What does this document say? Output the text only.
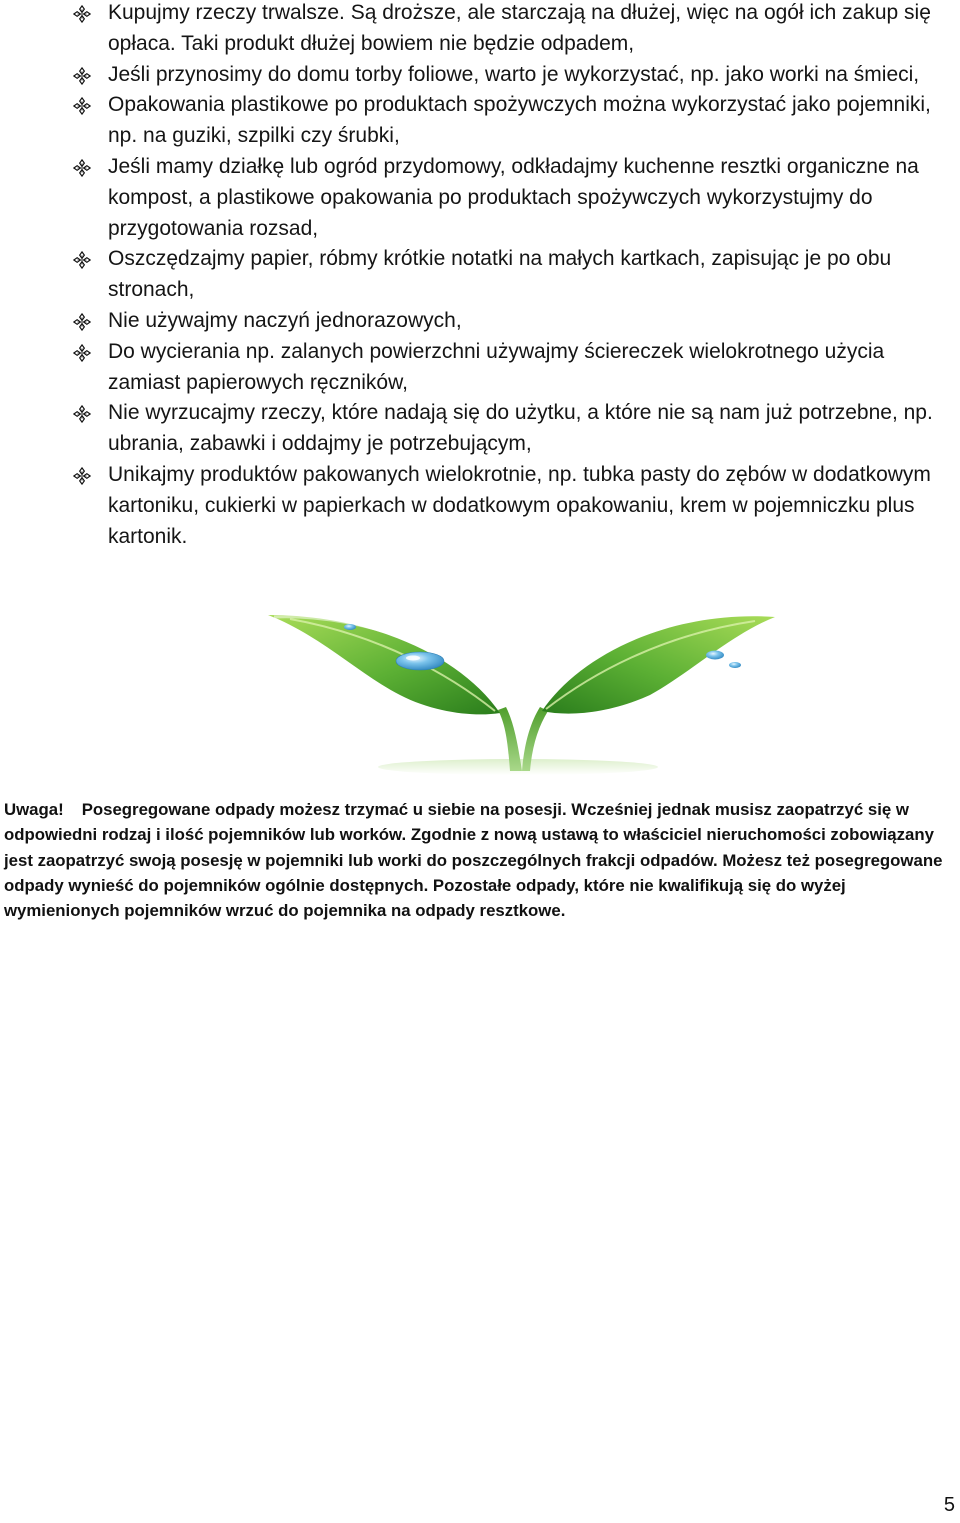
Kupujmy rzeczy trwalsze. Są droższe, ale starczają na dłużej, więc na ogół ich zakup się opłaca. Taki produkt dłużej bowiem nie będzie odpadem,
Jeśli przynosimy do domu torby foliowe, warto je wykorzystać, np. jako worki na śmieci,
Opakowania plastikowe po produktach spożywczych można wykorzystać jako pojemniki, np. na guziki, szpilki czy śrubki,
Jeśli mamy działkę lub ogród przydomowy, odkładajmy kuchenne resztki organiczne na kompost, a plastikowe opakowania po produktach spożywczych wykorzystujmy do przygotowania rozsad,
Oszczędzajmy papier, róbmy krótkie notatki na małych kartkach, zapisując je po obu stronach,
Nie używajmy naczyń jednorazowych,
Do wycierania np. zalanych powierzchni używajmy ściereczek wielokrotnego użycia zamiast papierowych ręczników,
Nie wyrzucajmy rzeczy, które nadają się do użytku, a które nie są nam już potrzebne, np. ubrania, zabawki i oddajmy je potrzebującym,
Unikajmy produktów pakowanych wielokrotnie, np. tubka pasty do zębów w dodatkowym kartoniku, cukierki w papierkach w dodatkowym opakowaniu, krem w pojemniczku plus kartonik.
Uwaga! Posegregowane odpady możesz trzymać u siebie na posesji. Wcześniej jednak musisz zaopatrzyć się w odpowiedni rodzaj i ilość pojemników lub worków. Zgodnie z nową ustawą to właściciel nieruchomości zobowiązany jest zaopatrzyć swoją posesję w pojemniki lub worki do poszczególnych frakcji odpadów. Możesz też posegregowane odpady wynieść do pojemników ogólnie dostępnych. Pozostałe odpady, które nie kwalifikują się do wyżej wymienionych pojemników wrzuć do pojemnika na odpady resztkowe.
5
